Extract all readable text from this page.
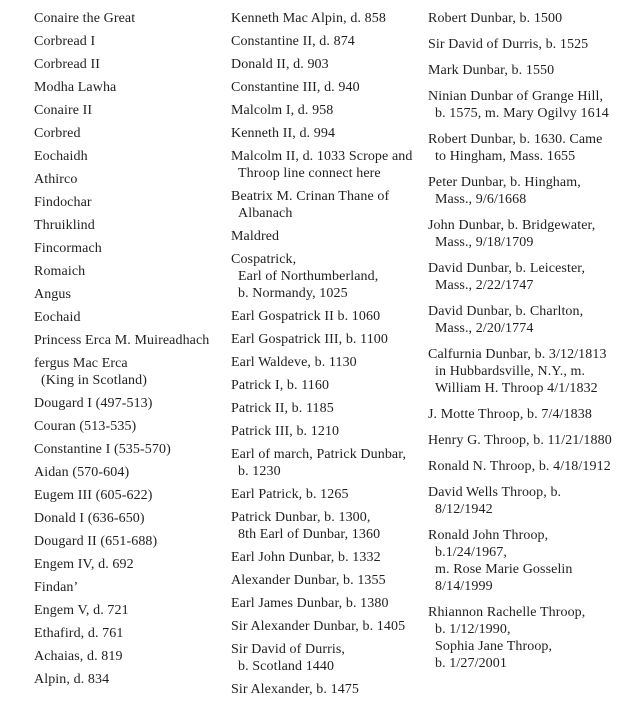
Conaire the Great

Corbread I

Corbread II

Modha Lawha

Conaire II

Corbred

Eochaidh

Athirco

Findochar

Thruiklind

Fincormach

Romaich

Angus

Eochaid

Princess Erca M. Muireadhach

fergus Mac Erca
(King in Scotland)

Dougard I (497-513)

Couran (513-535)

Constantine I (535-570)

Aidan (570-604)

Eugem III (605-622)

Donald I (636-650)

Dougard II (651-688)

Engem IV, d. 692

Findan’

Engem V, d. 721

Ethafird, d. 761

Achaias, d. 819

Alpin, d. 834

Kenneth Mac Alpin, d. 858

Constantine II, d. 874

Donald II, d. 903

Constantine III, d. 940

Malcolm I, d. 958

Kenneth II, d. 994

Malcolm II, d. 1033 Scrope and
Throop line connect here

Beatrix M. Crinan Thane of
Albanach

Maldred

Cospatrick,
Earl of Northumberland,
b. Normandy, 1025

Earl Gospatrick II b. 1060

Earl Gospatrick III, b. 1100

Earl Waldeve, b. 1130

Patrick I, b. 1160

Patrick II, b. 1185

Patrick III, b. 1210

Earl of march, Patrick Dunbar,
b. 1230

Earl Patrick, b. 1265

Patrick Dunbar, b. 1300,
8th Earl of Dunbar, 1360

Earl John Dunbar, b. 1332

Alexander Dunbar, b. 1355

Earl James Dunbar, b. 1380

Sir Alexander Dunbar, b. 1405

Sir David of Durris,
b. Scotland 1440

Sir Alexander, b. 1475

Robert Dunbar, b. 1500

Sir David of Durris, b. 1525

Mark Dunbar, b. 1550

Ninian Dunbar of Grange Hill,
b. 1575, m. Mary Ogilvy 1614

Robert Dunbar, b. 1630. Came
to Hingham, Mass. 1655

Peter Dunbar, b. Hingham,
Mass., 9/6/1668

John Dunbar, b. Bridgewater,
Mass., 9/18/1709

David Dunbar, b. Leicester,
Mass., 2/22/1747

David Dunbar, b. Charlton,
Mass., 2/20/1774

Calfurnia Dunbar, b. 3/12/1813
in Hubbardsville, N.Y., m.
William H. Throop 4/1/1832

J. Motte Throop, b. 7/4/1838

Henry G. Throop, b. 11/21/1880

Ronald N. Throop, b. 4/18/1912

David Wells Throop, b.
8/12/1942

Ronald John Throop,
b.1/24/1967,
m. Rose Marie Gosselin
8/14/1999

Rhiannon Rachelle Throop,
b. 1/12/1990,
Sophia Jane Throop,
b. 1/27/2001
